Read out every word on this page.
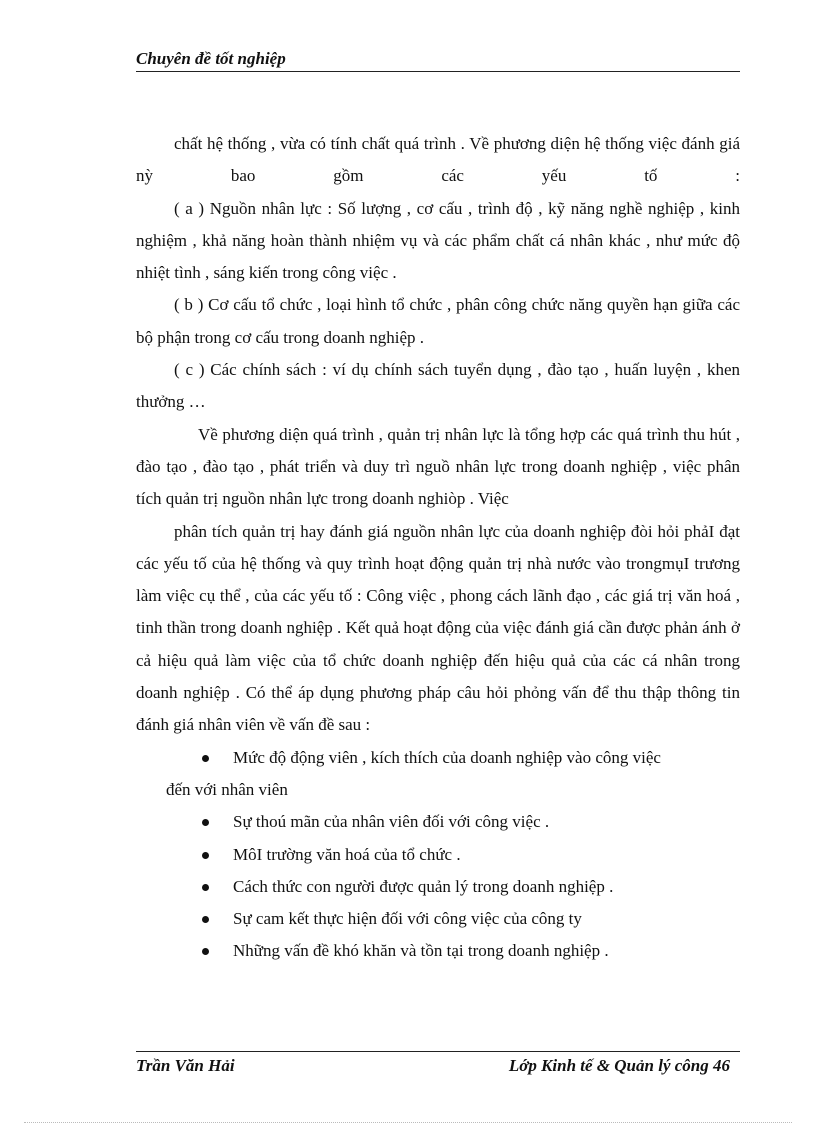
Chuyên đề tốt nghiệp

chất hệ thống , vừa có tính chất quá trình . Về phương diện hệ thống việc đánh giá nỳ bao gồm các yếu tố :

( a ) Nguồn nhân lực : Số lượng , cơ cấu , trình độ , kỹ năng nghề nghiệp , kinh nghiệm , khả năng hoàn thành nhiệm vụ và các phẩm chất cá nhân khác , như mức độ nhiệt tình , sáng kiến trong công việc .

( b ) Cơ cấu tổ chức , loại hình tổ chức , phân công chức năng quyền hạn giữa các bộ phận trong cơ cấu trong doanh nghiệp .

( c ) Các chính sách : ví dụ chính sách tuyển dụng , đào tạo , huấn luyện , khen thưởng …

Về phương diện quá trình , quản trị nhân lực là tổng hợp các quá trình thu hút , đào tạo , đào tạo , phát triển và duy trì nguồ nhân lực trong doanh nghiệp , việc phân tích quản trị nguồn nhân lực trong doanh nghiòp . Việc

phân tích quản trị hay đánh giá nguồn nhân lực của doanh nghiệp đòi hỏi phảI đạt các yếu tố của hệ thống và quy trình hoạt động quản trị nhà nước vào trongmụI trương làm việc cụ thể , của các yếu tố : Công việc , phong cách lãnh đạo , các giá trị văn hoá , tinh thần trong doanh nghiệp . Kết quả hoạt động của việc đánh giá cần được phản ánh ở cả hiệu quả làm việc của tổ chức doanh nghiệp đến hiệu quả của các cá nhân trong doanh nghiệp . Có thể áp dụng phương pháp câu hỏi phỏng vấn để thu thập thông tin đánh giá nhân viên về vấn đề sau :

Mức độ động viên , kích thích của doanh nghiệp vào công việc
đến với nhân viên
Sự thoú mãn của nhân viên đối với công việc .
MôI trường văn hoá của tổ chức .
Cách thức con người được quản lý trong doanh nghiệp .
Sự cam kết thực hiện đối với công việc của công ty
Những vấn đề khó khăn và tồn tại trong doanh nghiệp .
Trần Văn Hải	Lớp Kinh tế & Quản lý công 46
